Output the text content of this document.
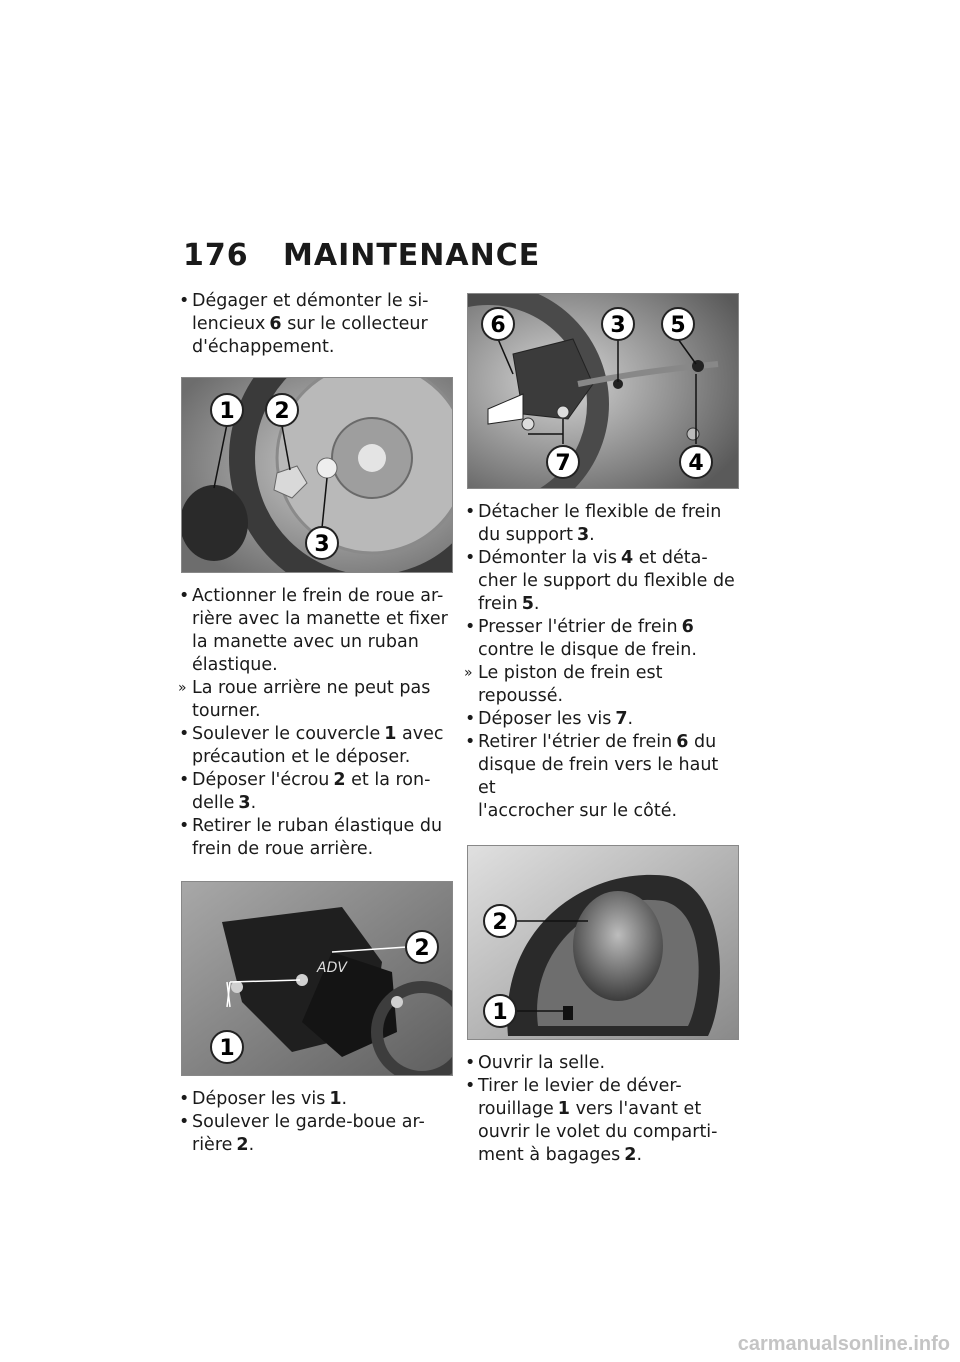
176 MAINTENANCE
•
Dégager et démonter le si-
lencieux 6 sur le collecteur
d'échappement.
1 2
3
•
Actionner le frein de roue ar-
rière avec la manette et fixer
la manette avec un ruban
élastique.
» La roue arrière ne peut pas
tourner.
•
Soulever le couvercle 1 avec
précaution et le déposer.
•
Déposer l'écrou 2 et la ron-
delle 3.
•
Retirer le ruban élastique du
frein de roue arrière.
ADV
2
1
•
Déposer les vis 1.
•
Soulever le garde-boue ar-
rière 2.
6	3 5
7	4
•
Détacher le flexible de frein
du support 3.
•
Démonter la vis 4 et déta-
cher le support du flexible de
frein 5.
•
Presser l'étrier de frein 6
contre le disque de frein.
» Le piston de frein est
repoussé.
•
Déposer les vis 7.
•
Retirer l'étrier de frein 6 du
disque de frein vers le haut et
l'accrocher sur le côté.
2
1
•
Ouvrir la selle.
•
Tirer le levier de déver-
rouillage 1 vers l'avant et
ouvrir le volet du comparti-
ment à bagages 2.
carmanualsonline.info
